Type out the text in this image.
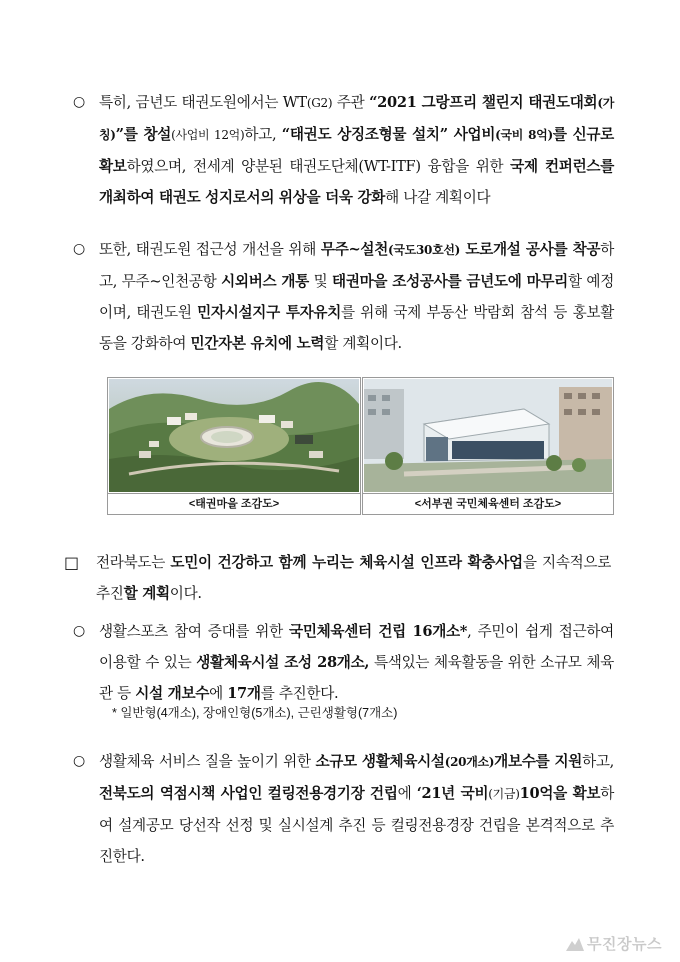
○ 특히, 금년도 태권도원에서는 WT(G2) 주관 “2021 그랑프리 챌린지 태권도대회(가칭)”를 창설(사업비 12억)하고, “태권도 상징조형물 설치” 사업비(국비 8억)를 신규로 확보하였으며, 전세계 양분된 태권도단체(WT-ITF) 융합을 위한 국제 컨퍼런스를 개최하여 태권도 성지로서의 위상을 더욱 강화해 나갈 계획이다

○ 또한, 태권도원 접근성 개선을 위해 무주~설천(국도30호선) 도로개설 공사를 착공하고, 무주~인천공항 시외버스 개통 및 태권마을 조성공사를 금년도에 마무리할 예정이며, 태권도원 민자시설지구 투자유치를 위해 국제 부동산 박람회 참석 등 홍보활동을 강화하여 민간자본 유치에 노력할 계획이다.

<태권마을 조감도>	<서부권 국민체육센터 조감도>

□ 전라북도는 도민이 건강하고 함께 누리는 체육시설 인프라 확충사업을 지속적으로 추진할 계획이다.

○ 생활스포츠 참여 증대를 위한 국민체육센터 건립 16개소*, 주민이 쉽게 접근하여 이용할 수 있는 생활체육시설 조성 28개소, 특색있는 체육활동을 위한 소규모 체육관 등 시설 개보수에 17개를 추진한다.

* 일반형(4개소), 장애인형(5개소), 근린생활형(7개소)

○ 생활체육 서비스 질을 높이기 위한 소규모 생활체육시설(20개소)개보수를 지원하고, 전북도의 역점시책 사업인 컬링전용경기장 건립에 ‘21년 국비(기금)10억을 확보하여 설계공모 당선작 선정 및 실시설계 추진 등 컬링전용경장 건립을 본격적으로 추진한다.

무진장뉴스
